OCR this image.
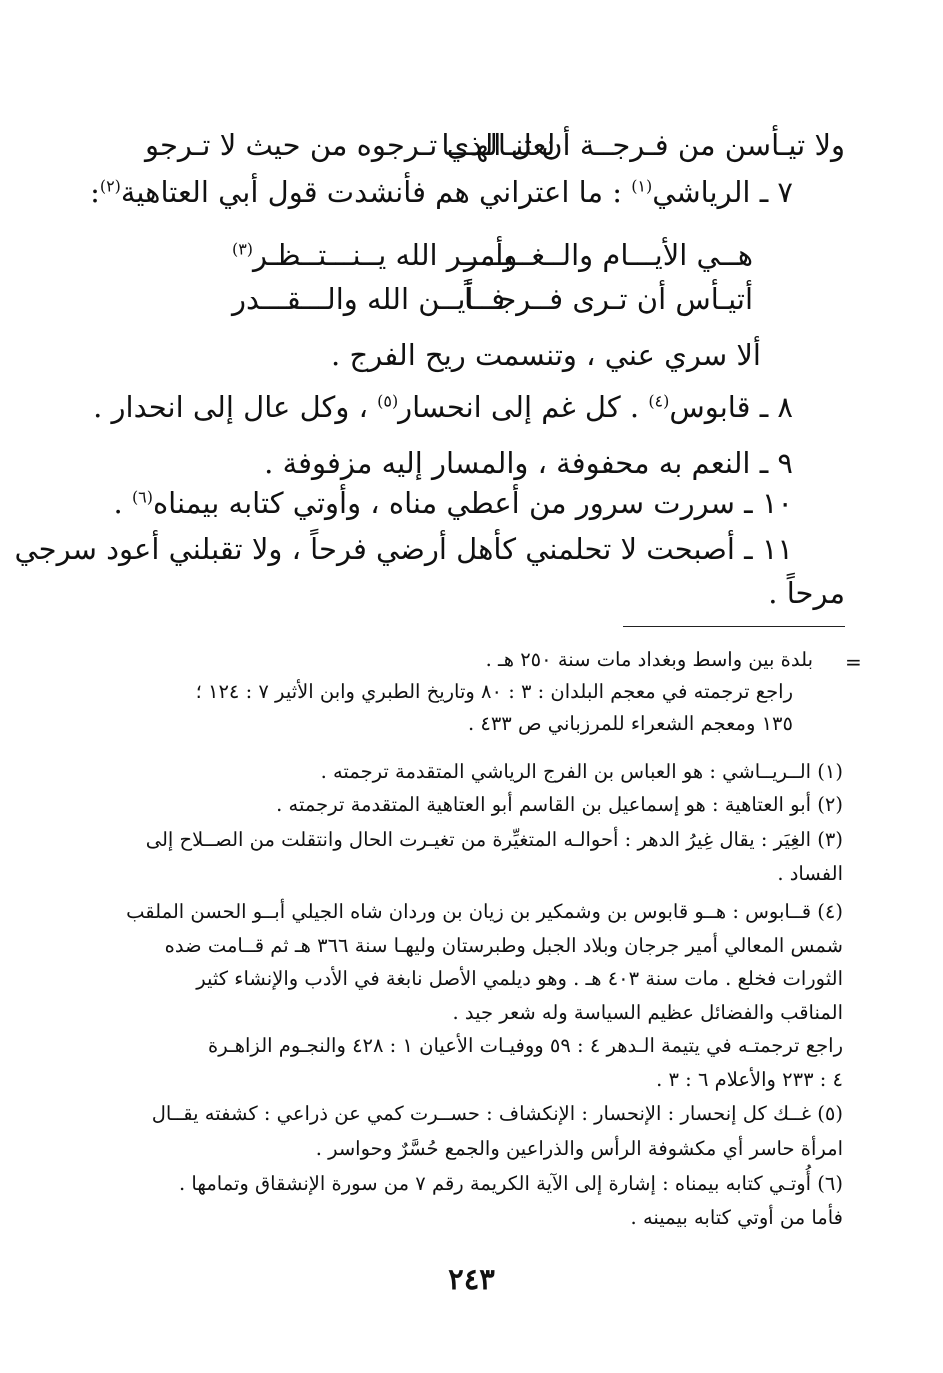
ولا تيـأسن من فـرجــة أن تنـالهـــا
لعل الذي تـرجوه من حيث لا تـرجو
٧ ـ الرياشي$^{(١)}$ : ما اعتراني هم فأنشدت قول أبي العتاهية$^{(٢)}$:
هــي الأيـــام والــغــيـــر
وأمــر الله يــنـــتــظـر$^{(٣)}$
أتيـأس أن تـرى فــرجـــاً
فــأيــن الله والـــقـــدر
ألا سري عني ، وتنسمت ريح الفرج .
٨ ـ قابوس$^{(٤)}$ . كل غم إلى انحسار$^{(٥)}$ ، وكل عال إلى انحدار .
٩ ـ النعم به محفوفة ، والمسار إليه مزفوفة .
١٠ ـ سررت سرور من أعطي مناه ، وأوتي كتابه بيمناه$^{(٦)}$ .
١١ ـ أصبحت لا تحلمني كأهل أرضي فرحاً ، ولا تقبلني أعود سرجي
مرحاً .
=
بلدة بين واسط وبغداد مات سنة ٢٥٠ هـ .
راجع ترجمته في معجم البلدان : ٣ : ٨٠ وتاريخ الطبري وابن الأثير ٧ : ١٢٤ ؛
١٣٥ ومعجم الشعراء للمرزباني ص ٤٣٣ .
(١) الــريــاشي : هو العباس بن الفرج الرياشي المتقدمة ترجمته .
(٢) أبو العتاهية : هو إسماعيل بن القاسم أبو العتاهية المتقدمة ترجمته .
(٣) الغِيَر : يقال غِيرُ الدهر : أحوالـه المتغيِّرة من تغيـرت الحال وانتقلت من الصــلاح إلى
الفساد .
(٤) قــابوس : هــو قابوس بن وشمكير بن زيان بن وردان شاه الجيلي أبــو الحسن الملقب
شمس المعالي أمير جرجان وبلاد الجبل وطبرستان وليهـا سنة ٣٦٦ هـ ثم قــامت ضده
الثورات فخلع . مات سنة ٤٠٣ هـ . وهو ديلمي الأصل نابغة في الأدب والإنشاء كثير
المناقب والفضائل عظيم السياسة وله شعر جيد .
راجع ترجمتـه في يتيمة الـدهر ٤ : ٥٩ ووفيـات الأعيان ١ : ٤٢٨ والنجـوم الزاهـرة
٤ : ٢٣٣ والأعلام ٦ : ٣ .
(٥) غــك كل إنحسار : الإنحسار : الإنكشاف : حســرت كمي عن ذراعي : كشفته يقــال
امرأة حاسر أي مكشوفة الرأس والذراعين والجمع حُسَّرٌ وحواسر .
(٦) أُوتـي كتابه بيمناه : إشارة إلى الآية الكريمة رقم ٧ من سورة الإنشقاق وتمامها .
فأما من أوتي كتابه بيمينه .
٢٤٣
